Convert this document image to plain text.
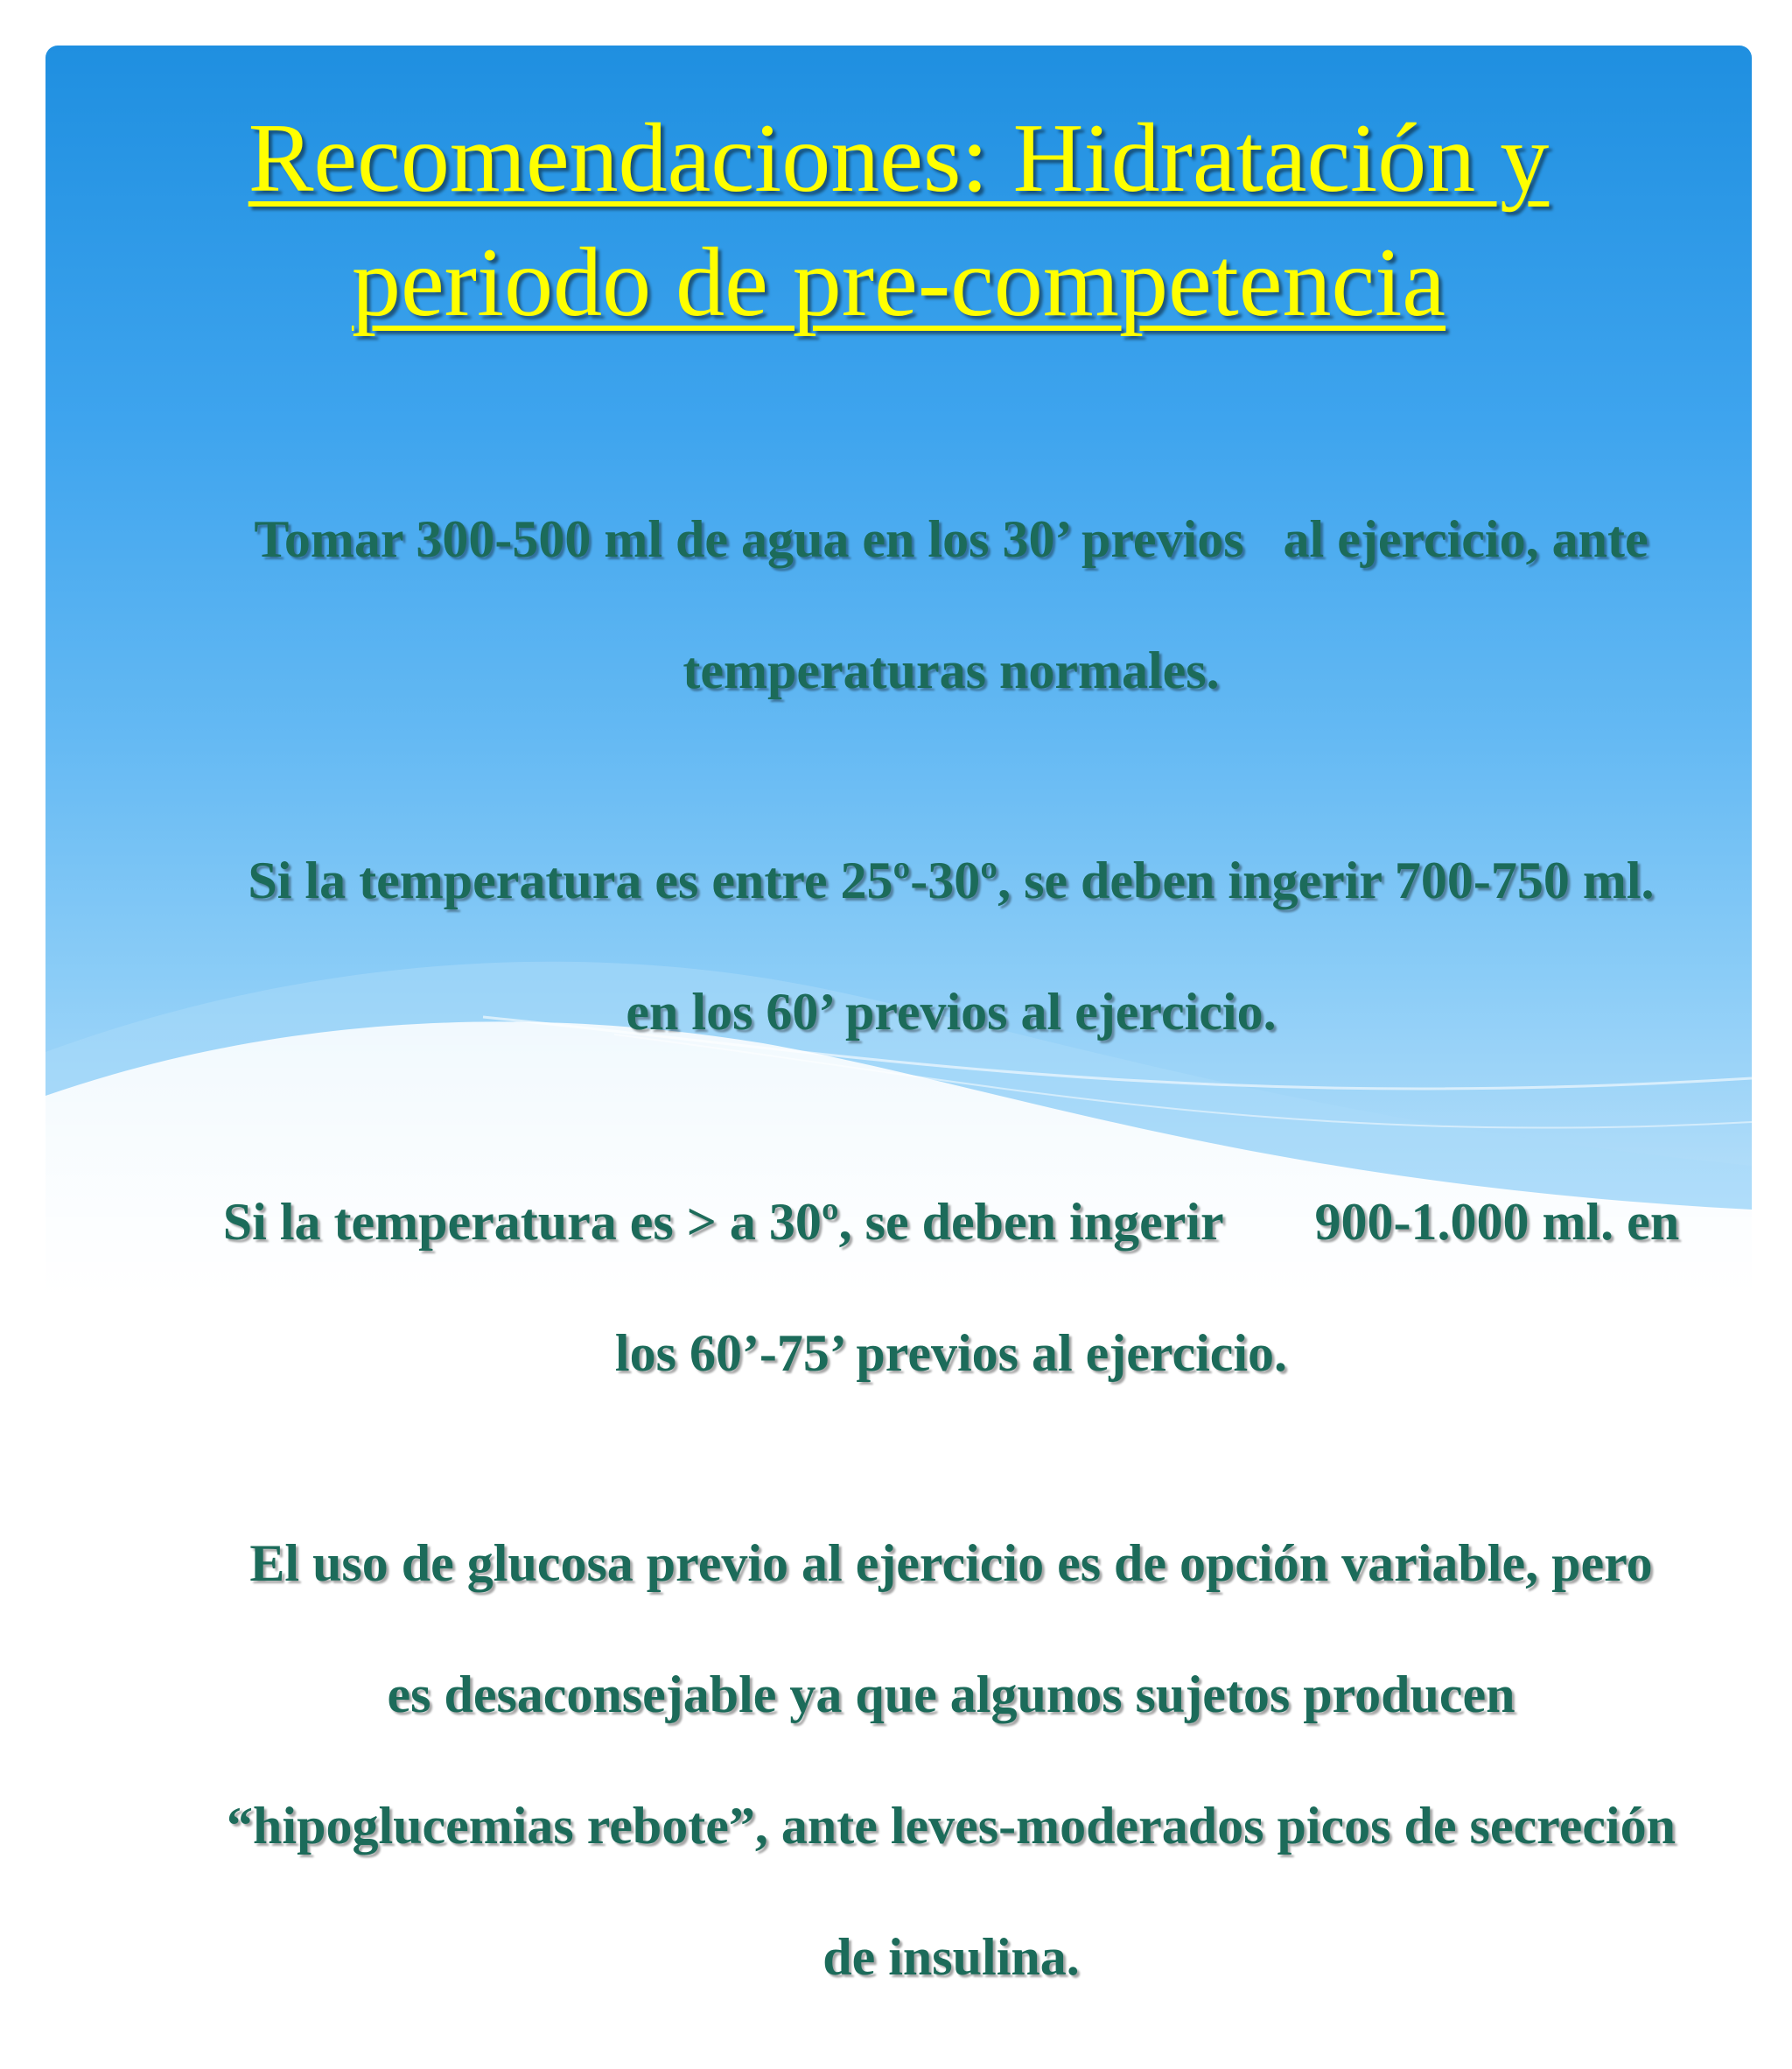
Recomendaciones: Hidratación y
periodo de pre-competencia

Tomar 300-500 ml de agua en los 30’ previos   al ejercicio, ante

temperaturas normales.

Si la temperatura es entre 25º-30º, se deben ingerir 700-750 ml.

en los 60’ previos al ejercicio.

Si la temperatura es > a 30º, se deben ingerir       900-1.000 ml. en

los 60’-75’ previos al ejercicio.

El uso de glucosa previo al ejercicio es de opción variable, pero

es desaconsejable ya que algunos sujetos producen

“hipoglucemias rebote”, ante leves-moderados picos de secreción

de insulina.
